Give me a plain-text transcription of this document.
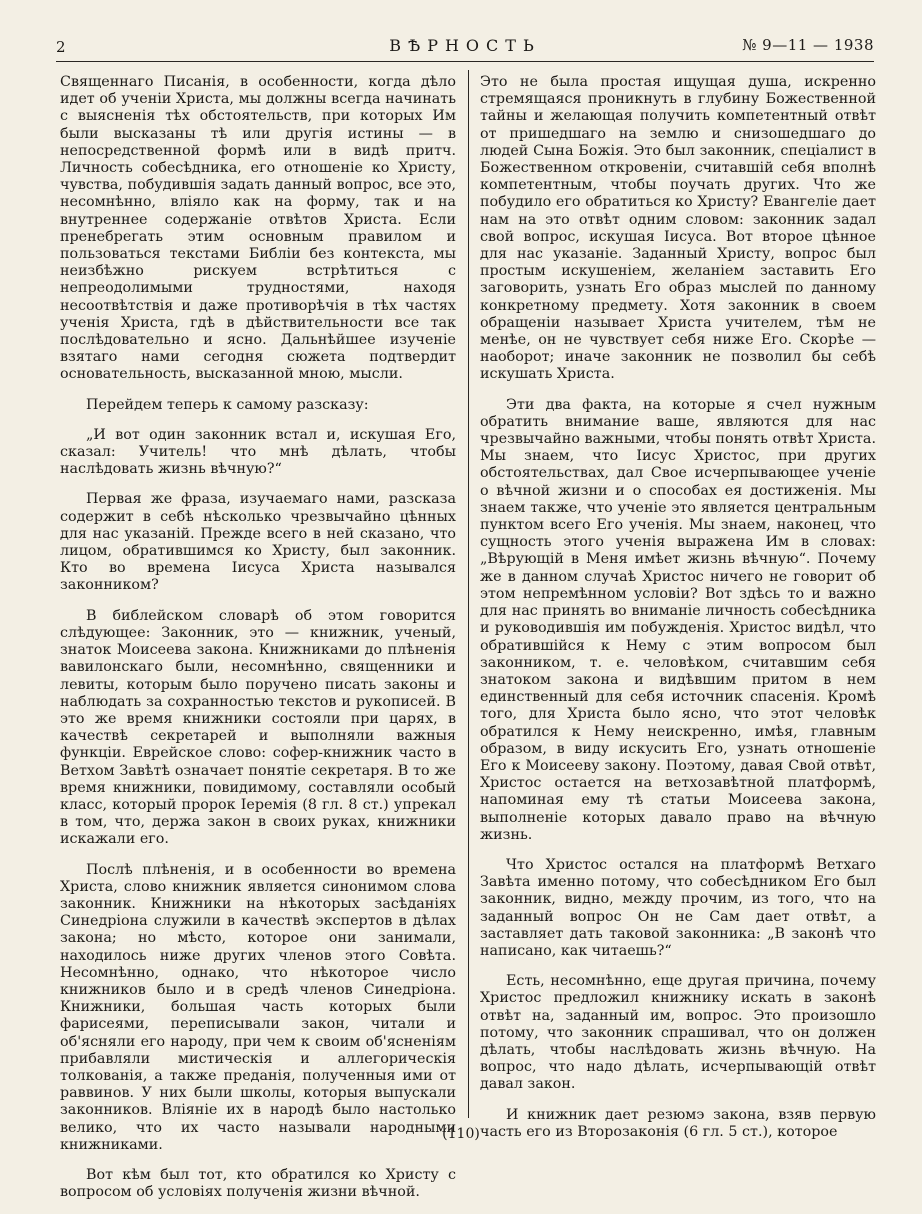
2	ВѢРНОСТЬ	№ 9—11 — 1938

Священнаго Писанія, в особенности, когда дѣло идет об ученіи Христа, мы должны всегда начинать с выясненія тѣх обстоятельств, при которых Им были высказаны тѣ или другія истины — в непосредственной формѣ или в видѣ притч. Личность собесѣдника, его отношеніе ко Христу, чувства, побудившія задать данный вопрос, все это, несомнѣнно, вліяло как на форму, так и на внутреннее содержаніе отвѣтов Христа. Если пренебрегать этим основным правилом и пользоваться текстами Библіи без контекста, мы неизбѣжно рискуем встрѣтиться с непреодолимыми трудностями, находя несоотвѣтствія и даже противорѣчія в тѣх частях ученія Христа, гдѣ в дѣйствительности все так послѣдовательно и ясно. Дальнѣйшее изученіе взятаго нами сегодня сюжета подтвердит основательность, высказанной мною, мысли.

Перейдем теперь к самому разсказу:

„И вот один законник встал и, искушая Его, сказал: Учитель! что мнѣ дѣлать, чтобы наслѣдовать жизнь вѣчную?“

Первая же фраза, изучаемаго нами, разсказа содержит в себѣ нѣсколько чрезвычайно цѣнных для нас указаній. Прежде всего в ней сказано, что лицом, обратившимся ко Христу, был законник. Кто во времена Іисуса Христа назывался законником?

В библейском словарѣ об этом говорится слѣдующее: Законник, это — книжник, ученый, знаток Моисеева закона. Книжниками до плѣненія вавилонскаго были, несомнѣнно, священники и левиты, которым было поручено писать законы и наблюдать за сохранностью текстов и рукописей. В это же время книжники состояли при царях, в качествѣ секретарей и выполняли важныя функціи. Еврейское слово: софер-книжник часто в Ветхом Завѣтѣ означает понятіе секретаря. В то же время книжники, повидимому, составляли особый класс, который пророк Іеремія (8 гл. 8 ст.) упрекал в том, что, держа закон в своих руках, книжники искажали его.

Послѣ плѣненія, и в особенности во времена Христа, слово книжник является синонимом слова законник. Книжники на нѣкоторых засѣданіях Синедріона служили в качествѣ экспертов в дѣлах закона; но мѣсто, которое они занимали, находилось ниже других членов этого Совѣта. Несомнѣнно, однако, что нѣкоторое число книжников было и в средѣ членов Синедріона. Книжники, большая часть которых были фарисеями, переписывали закон, читали и об'ясняли его народу, при чем к своим об'ясненіям прибавляли мистическія и аллегорическія толкованія, а также преданія, полученныя ими от раввинов. У них были школы, которыя выпускали законников. Вліяніе их в народѣ было настолько велико, что их часто называли народными книжниками.

Вот кѣм был тот, кто обратился ко Христу с вопросом об условіях полученія жизни вѣчной.

Это не была простая ищущая душа, искренно стремящаяся проникнуть в глубину Божественной тайны и желающая получить компетентный отвѣт от пришедшаго на землю и снизошедшаго до людей Сына Божія. Это был законник, спеціалист в Божественном откровеніи, считавшій себя вполнѣ компетентным, чтобы поучать других. Что же побудило его обратиться ко Христу? Евангеліе дает нам на это отвѣт одним словом: законник задал свой вопрос, искушая Іисуса. Вот второе цѣнное для нас указаніе. Заданный Христу, вопрос был простым искушеніем, желаніем заставить Его заговорить, узнать Его образ мыслей по данному конкретному предмету. Хотя законник в своем обращеніи называет Христа учителем, тѣм не менѣе, он не чувствует себя ниже Его. Скорѣе — наоборот; иначе законник не позволил бы себѣ искушать Христа.

Эти два факта, на которые я счел нужным обратить внимание ваше, являются для нас чрезвычайно важными, чтобы понять отвѣт Христа. Мы знаем, что Іисус Христос, при других обстоятельствах, дал Свое исчерпывающее ученіе о вѣчной жизни и о способах ея достиженія. Мы знаем также, что ученіе это является центральным пунктом всего Его ученія. Мы знаем, наконец, что сущность этого ученія выражена Им в словах: „Вѣрующій в Меня имѣет жизнь вѣчную“. Почему же в данном случаѣ Христос ничего не говорит об этом непремѣнном условіи? Вот здѣсь то и важно для нас принять во вниманіе личность собесѣдника и руководившія им побужденія. Христос видѣл, что обратившійся к Нему с этим вопросом был законником, т. е. человѣком, считавшим себя знатоком закона и видѣвшим притом в нем единственный для себя источник спасенія. Кромѣ того, для Христа было ясно, что этот человѣк обратился к Нему неискренно, имѣя, главным образом, в виду искусить Его, узнать отношеніе Его к Моисееву закону. Поэтому, давая Свой отвѣт, Христос остается на ветхозавѣтной платформѣ, напоминая ему тѣ статьи Моисеева закона, выполненіе которых давало право на вѣчную жизнь.

Что Христос остался на платформѣ Ветхаго Завѣта именно потому, что собесѣдником Его был законник, видно, между прочим, из того, что на заданный вопрос Он не Сам дает отвѣт, а заставляет дать таковой законника: „В законѣ что написано, как читаешь?“

Есть, несомнѣнно, еще другая причина, почему Христос предложил книжнику искать в законѣ отвѣт на, заданный им, вопрос. Это произошло потому, что законник спрашивал, что он должен дѣлать, чтобы наслѣдовать жизнь вѣчную. На вопрос, что надо дѣлать, исчерпывающій отвѣт давал закон.

И книжник дает резюмэ закона, взяв первую часть его из Второзаконія (6 гл. 5 ст.), которое

(110)
